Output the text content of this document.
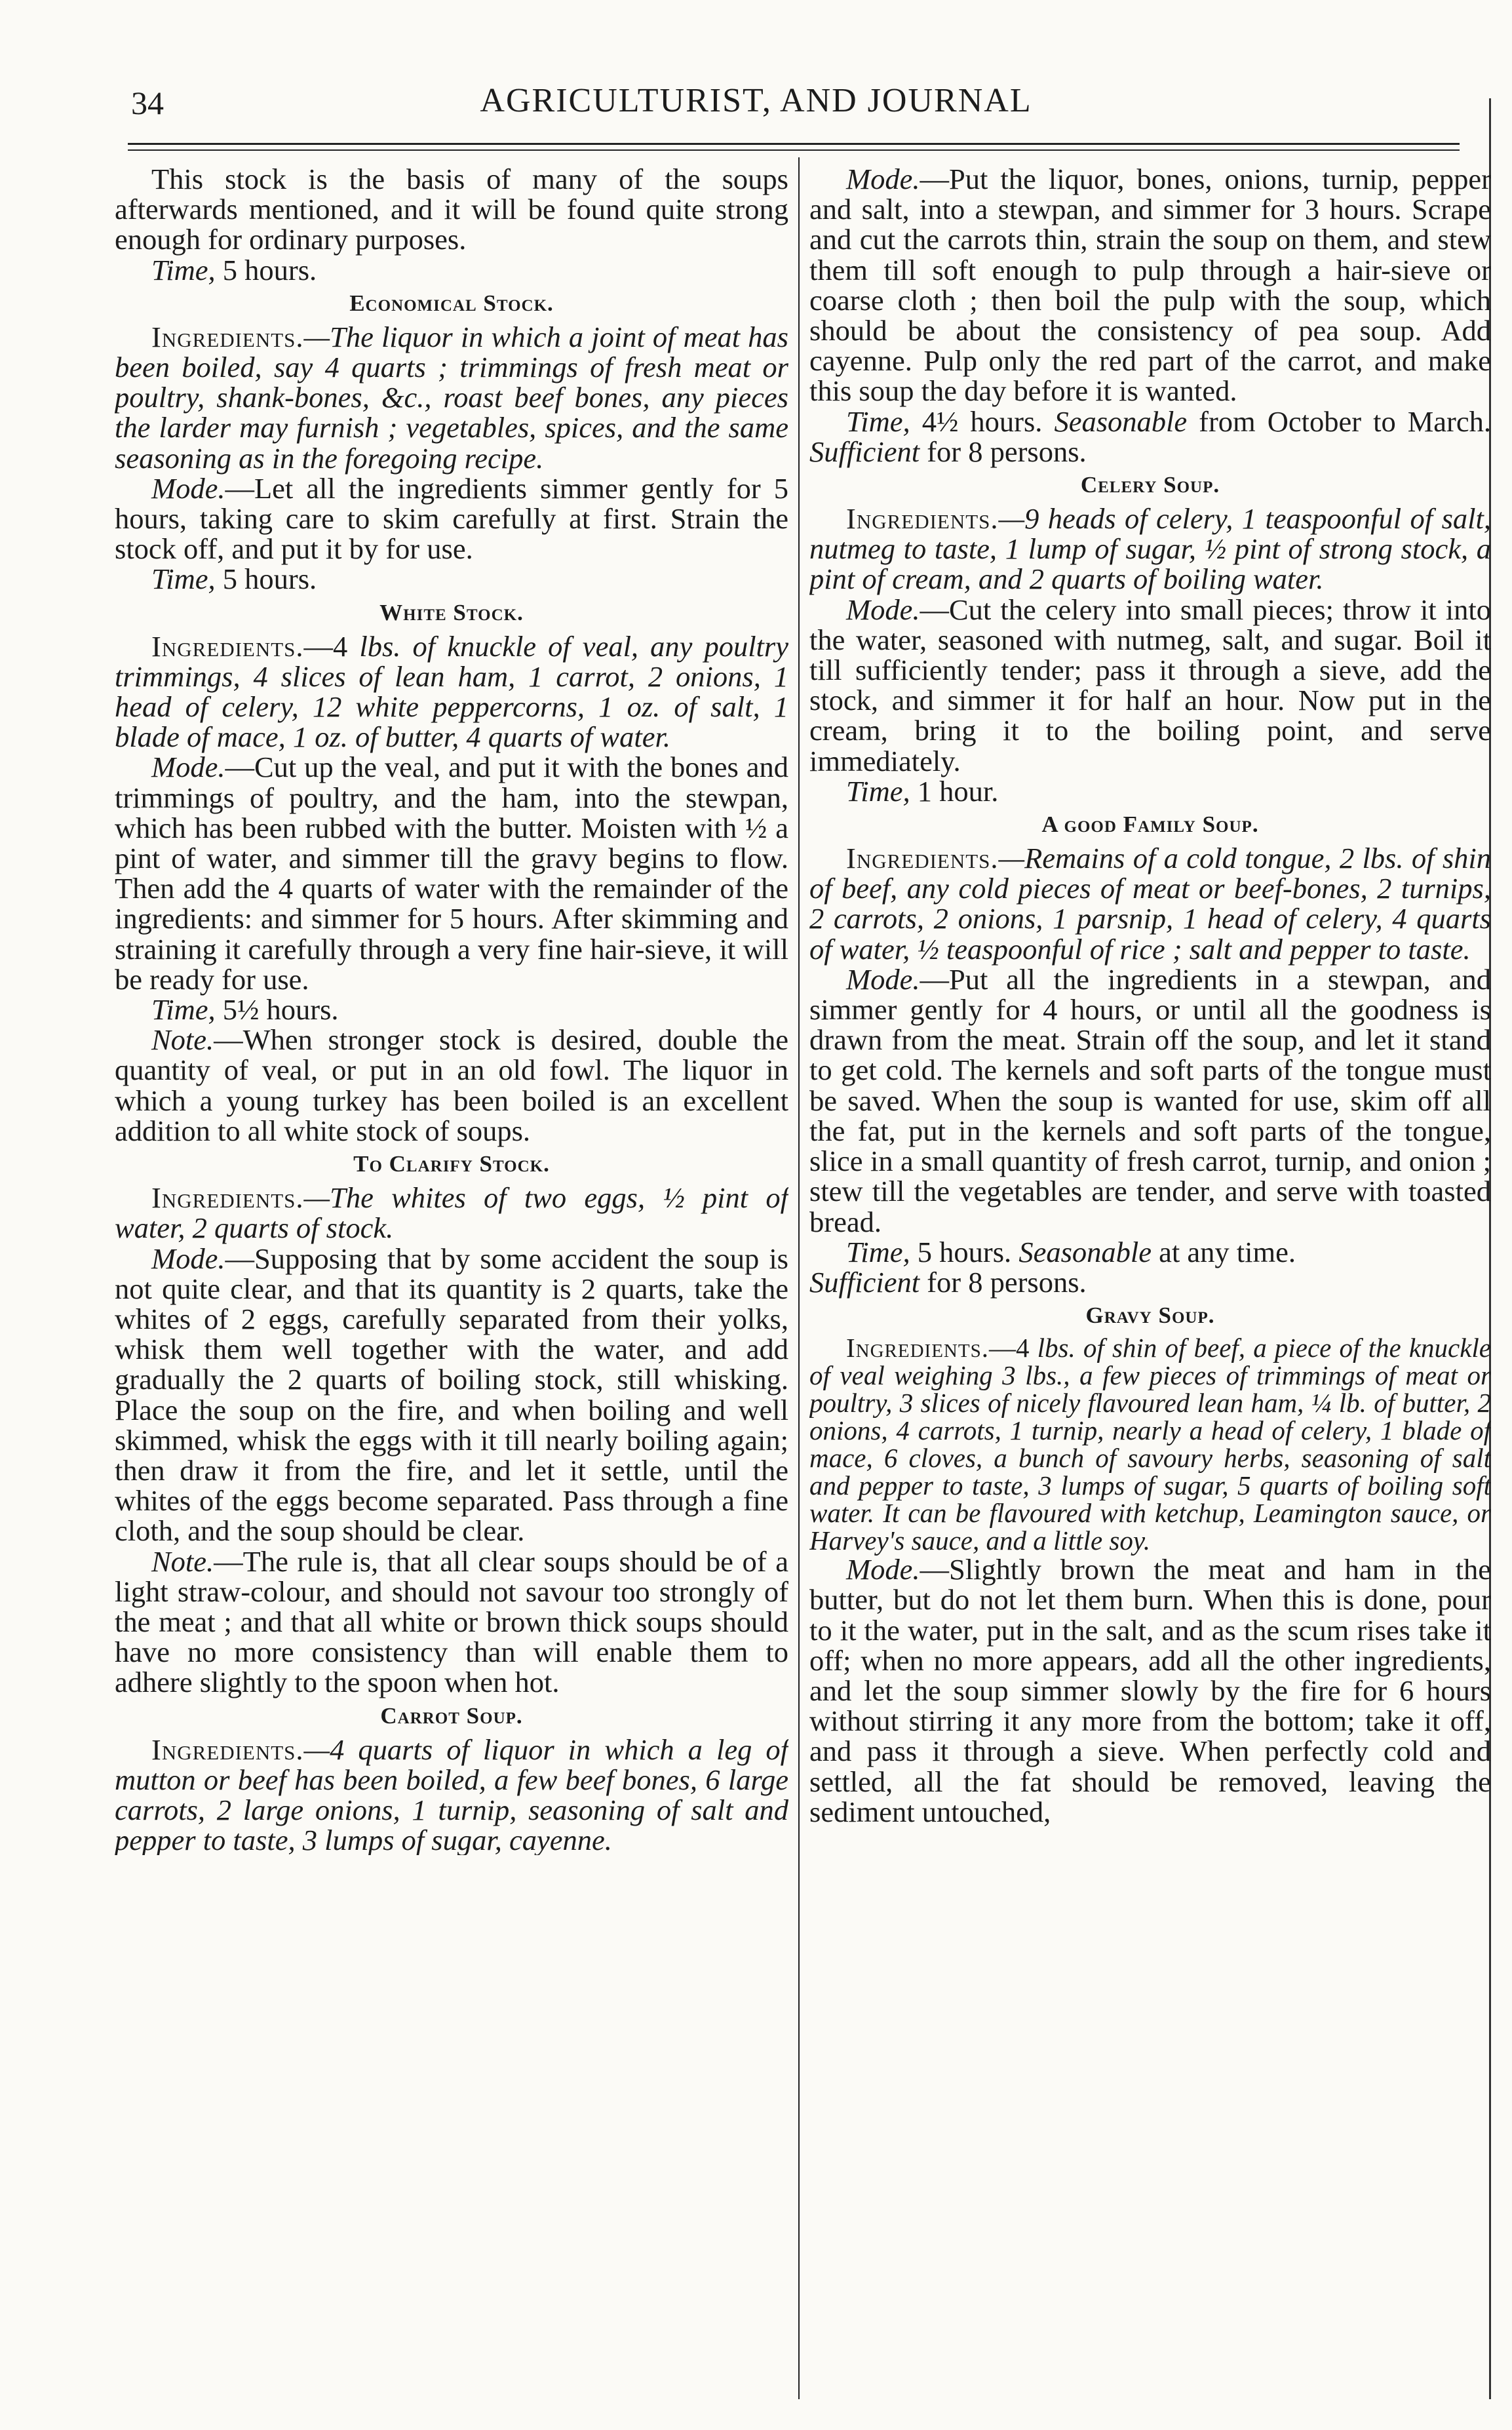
34	AGRICULTURIST, AND JOURNAL

This stock is the basis of many of the soups afterwards mentioned, and it will be found quite strong enough for ordinary purposes.

Time, 5 hours.

Economical Stock.

Ingredients.—The liquor in which a joint of meat has been boiled, say 4 quarts ; trimmings of fresh meat or poultry, shank-bones, &c., roast beef bones, any pieces the larder may furnish ; vegetables, spices, and the same seasoning as in the foregoing recipe.

Mode.—Let all the ingredients simmer gently for 5 hours, taking care to skim carefully at first. Strain the stock off, and put it by for use.

Time, 5 hours.

White Stock.

Ingredients.—4 lbs. of knuckle of veal, any poultry trimmings, 4 slices of lean ham, 1 carrot, 2 onions, 1 head of celery, 12 white peppercorns, 1 oz. of salt, 1 blade of mace, 1 oz. of butter, 4 quarts of water.

Mode.—Cut up the veal, and put it with the bones and trimmings of poultry, and the ham, into the stewpan, which has been rubbed with the butter. Moisten with ½ a pint of water, and simmer till the gravy begins to flow. Then add the 4 quarts of water with the remainder of the ingredients: and simmer for 5 hours. After skimming and straining it carefully through a very fine hair-sieve, it will be ready for use.

Time, 5½ hours.

Note.—When stronger stock is desired, double the quantity of veal, or put in an old fowl. The liquor in which a young turkey has been boiled is an excellent addition to all white stock of soups.

To Clarify Stock.

Ingredients.—The whites of two eggs, ½ pint of water, 2 quarts of stock.

Mode.—Supposing that by some accident the soup is not quite clear, and that its quantity is 2 quarts, take the whites of 2 eggs, carefully separated from their yolks, whisk them well together with the water, and add gradually the 2 quarts of boiling stock, still whisking. Place the soup on the fire, and when boiling and well skimmed, whisk the eggs with it till nearly boiling again; then draw it from the fire, and let it settle, until the whites of the eggs become separated. Pass through a fine cloth, and the soup should be clear.

Note.—The rule is, that all clear soups should be of a light straw-colour, and should not savour too strongly of the meat ; and that all white or brown thick soups should have no more consistency than will enable them to adhere slightly to the spoon when hot.

Carrot Soup.

Ingredients.—4 quarts of liquor in which a leg of mutton or beef has been boiled, a few beef bones, 6 large carrots, 2 large onions, 1 turnip, seasoning of salt and pepper to taste, 3 lumps of sugar, cayenne.

Mode.—Put the liquor, bones, onions, turnip, pepper and salt, into a stewpan, and simmer for 3 hours. Scrape and cut the carrots thin, strain the soup on them, and stew them till soft enough to pulp through a hair-sieve or coarse cloth ; then boil the pulp with the soup, which should be about the consistency of pea soup. Add cayenne. Pulp only the red part of the carrot, and make this soup the day before it is wanted.

Time, 4½ hours. Seasonable from October to March. Sufficient for 8 persons.

Celery Soup.

Ingredients.—9 heads of celery, 1 teaspoonful of salt, nutmeg to taste, 1 lump of sugar, ½ pint of strong stock, a pint of cream, and 2 quarts of boiling water.

Mode.—Cut the celery into small pieces; throw it into the water, seasoned with nutmeg, salt, and sugar. Boil it till sufficiently tender; pass it through a sieve, add the stock, and simmer it for half an hour. Now put in the cream, bring it to the boiling point, and serve immediately.

Time, 1 hour.

A good Family Soup.

Ingredients.—Remains of a cold tongue, 2 lbs. of shin of beef, any cold pieces of meat or beef-bones, 2 turnips, 2 carrots, 2 onions, 1 parsnip, 1 head of celery, 4 quarts of water, ½ teaspoonful of rice ; salt and pepper to taste.

Mode.—Put all the ingredients in a stewpan, and simmer gently for 4 hours, or until all the goodness is drawn from the meat. Strain off the soup, and let it stand to get cold. The kernels and soft parts of the tongue must be saved. When the soup is wanted for use, skim off all the fat, put in the kernels and soft parts of the tongue, slice in a small quantity of fresh carrot, turnip, and onion ; stew till the vegetables are tender, and serve with toasted bread.

Time, 5 hours. Seasonable at any time.
Sufficient for 8 persons.

Gravy Soup.

Ingredients.—4 lbs. of shin of beef, a piece of the knuckle of veal weighing 3 lbs., a few pieces of trimmings of meat or poultry, 3 slices of nicely flavoured lean ham, ¼ lb. of butter, 2 onions, 4 carrots, 1 turnip, nearly a head of celery, 1 blade of mace, 6 cloves, a bunch of savoury herbs, seasoning of salt and pepper to taste, 3 lumps of sugar, 5 quarts of boiling soft water. It can be flavoured with ketchup, Leamington sauce, or Harvey's sauce, and a little soy.

Mode.—Slightly brown the meat and ham in the butter, but do not let them burn. When this is done, pour to it the water, put in the salt, and as the scum rises take it off; when no more appears, add all the other ingredients, and let the soup simmer slowly by the fire for 6 hours without stirring it any more from the bottom; take it off, and pass it through a sieve. When perfectly cold and settled, all the fat should be removed, leaving the sediment untouched,
